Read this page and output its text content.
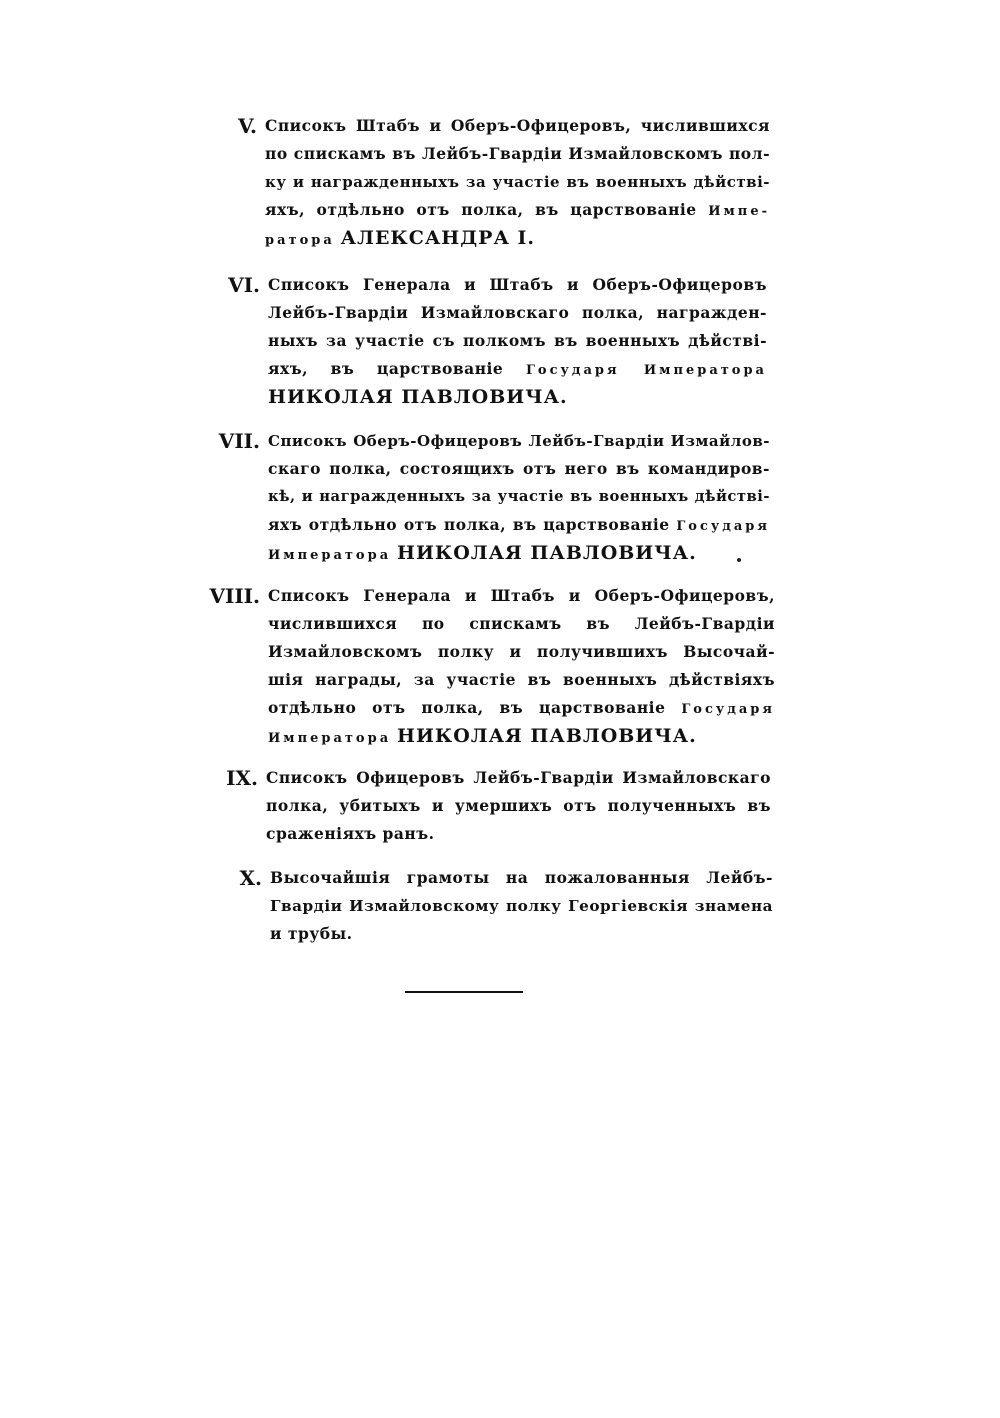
V. Списокъ Штабъ и Оберъ-Офицеровъ, числившихся
по спискамъ въ Лейбъ-Гвардіи Измайловскомъ пол-
ку и награжденныхъ за участіе въ военныхъ дѣйствi-
яхъ, отдѣльно отъ полка, въ царствованіе Импе-
ратора АЛЕКСАНДРА I.
VI. Списокъ Генерала и Штабъ и Оберъ-Офицеровъ
Лейбъ-Гвардіи Измайловскаго полка, награжден-
ныхъ за участіе съ полкомъ въ военныхъ дѣйствi-
яхъ, въ царствованіе Государя Императора
НИКОЛАЯ ПАВЛОВИЧА.
VII. Списокъ Оберъ-Офицеровъ Лейбъ-Гвардіи Измайлов-
скаго полка, состоящихъ отъ него въ командиров-
кѣ, и награжденныхъ за участіе въ военныхъ дѣйствi-
яхъ отдѣльно отъ полка, въ царствованіе Государя
Императора НИКОЛАЯ ПАВЛОВИЧА.
VIII. Списокъ Генерала и Штабъ и Оберъ-Офицеровъ,
числившихся по спискамъ въ Лейбъ-Гвардіи
Измайловскомъ полку и получившихъ Высочай-
шія награды, за участіе въ военныхъ дѣйствiяхъ
отдѣльно отъ полка, въ царствованіе Государя
Императора НИКОЛАЯ ПАВЛОВИЧА.
IX. Списокъ Офицеровъ Лейбъ-Гвардіи Измайловскаго
полка, убитыхъ и умершихъ отъ полученныхъ въ
сраженіяхъ ранъ.
X. Высочайшія грамоты на пожалованныя Лейбъ-
Гвардіи Измайловскому полку Георгіевскія знамена
и трубы.
